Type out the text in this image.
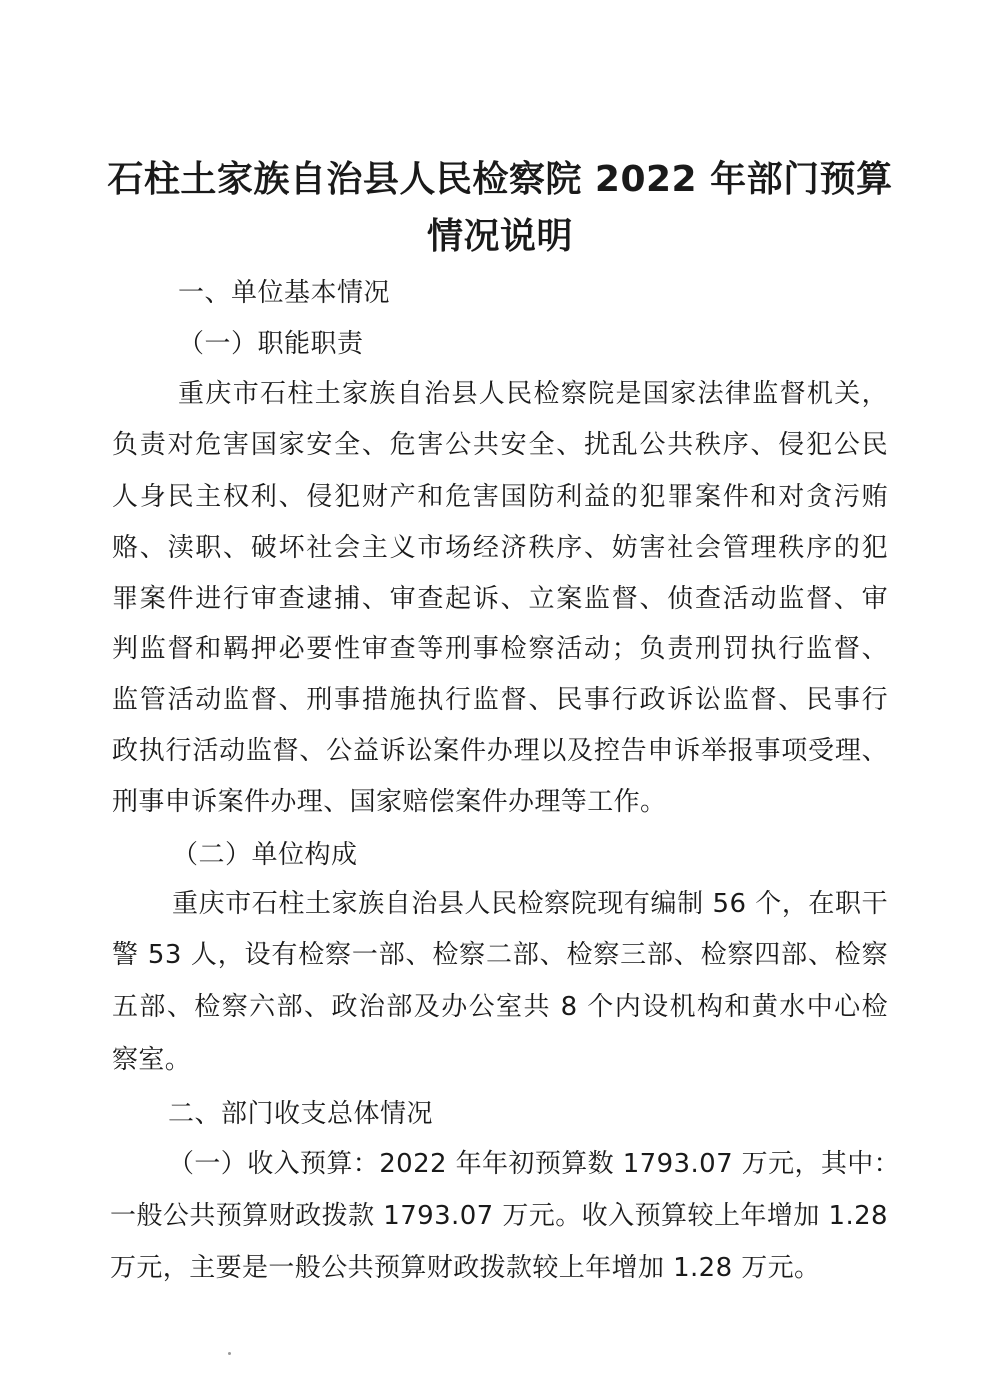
石柱土家族自治县人民检察院 2022 年部门预算
情况说明
一、单位基本情况
（一）职能职责
重庆市石柱土家族自治县人民检察院是国家法律监督机关，
负责对危害国家安全、危害公共安全、扰乱公共秩序、侵犯公民
人身民主权利、侵犯财产和危害国防利益的犯罪案件和对贪污贿
赂、渎职、破坏社会主义市场经济秩序、妨害社会管理秩序的犯
罪案件进行审查逮捕、审查起诉、立案监督、侦查活动监督、审
判监督和羁押必要性审查等刑事检察活动；负责刑罚执行监督、
监管活动监督、刑事措施执行监督、民事行政诉讼监督、民事行
政执行活动监督、公益诉讼案件办理以及控告申诉举报事项受理、
刑事申诉案件办理、国家赔偿案件办理等工作。
（二）单位构成
重庆市石柱土家族自治县人民检察院现有编制 56 个，在职干
警 53 人，设有检察一部、检察二部、检察三部、检察四部、检察
五部、检察六部、政治部及办公室共 8 个内设机构和黄水中心检
察室。
二、部门收支总体情况
（一）收入预算：2022 年年初预算数 1793.07 万元，其中：
一般公共预算财政拨款 1793.07 万元。收入预算较上年增加 1.28
万元，主要是一般公共预算财政拨款较上年增加 1.28 万元。
